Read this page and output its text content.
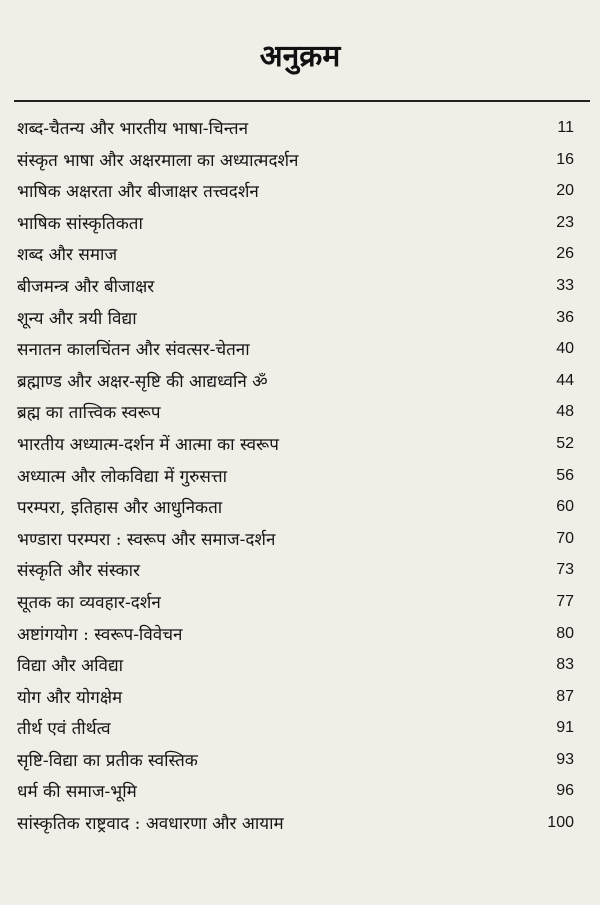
अनुक्रम
शब्द-चैतन्य और भारतीय भाषा-चिन्तन	11
संस्कृत भाषा और अक्षरमाला का अध्यात्मदर्शन	16
भाषिक अक्षरता और बीजाक्षर तत्त्वदर्शन	20
भाषिक सांस्कृतिकता	23
शब्द और समाज	26
बीजमन्त्र और बीजाक्षर	33
शून्य और त्रयी विद्या	36
सनातन कालचिंतन और संवत्सर-चेतना	40
ब्रह्माण्ड और अक्षर-सृष्टि की आद्यध्वनि ॐ	44
ब्रह्म का तात्त्विक स्वरूप	48
भारतीय अध्यात्म-दर्शन में आत्मा का स्वरूप	52
अध्यात्म और लोकविद्या में गुरुसत्ता	56
परम्परा, इतिहास और आधुनिकता	60
भण्डारा परम्परा : स्वरूप और समाज-दर्शन	70
संस्कृति और संस्कार	73
सूतक का व्यवहार-दर्शन	77
अष्टांगयोग : स्वरूप-विवेचन	80
विद्या और अविद्या	83
योग और योगक्षेम	87
तीर्थ एवं तीर्थत्व	91
सृष्टि-विद्या का प्रतीक स्वस्तिक	93
धर्म की समाज-भूमि	96
सांस्कृतिक राष्ट्रवाद : अवधारणा और आयाम	100
